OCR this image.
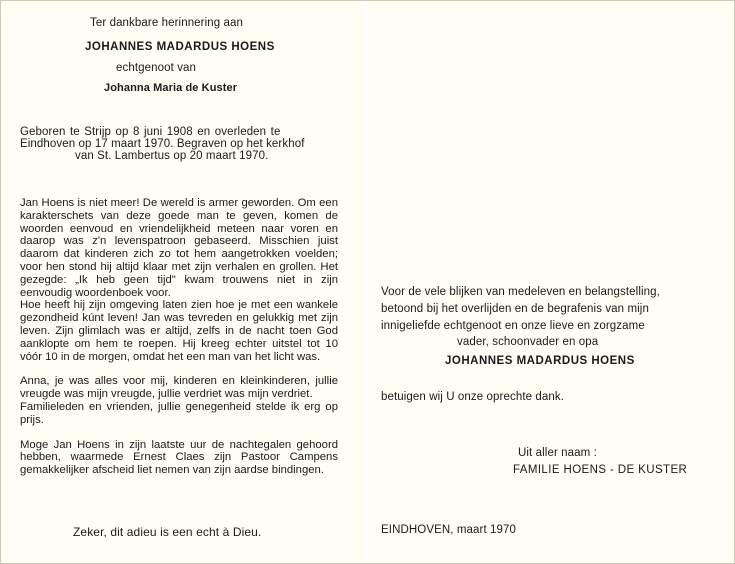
Ter dankbare herinnering aan
JOHANNES MADARDUS HOENS
echtgenoot van
Johanna Maria de Kuster
Geboren te Strijp op 8 juni 1908 en overleden te
Eindhoven op 17 maart 1970. Begraven op het kerkhof
van St. Lambertus op 20 maart 1970.

Jan Hoens is niet meer! De wereld is armer geworden. Om een karakterschets van deze goede man te geven, komen de woorden eenvoud en vriendelijkheid meteen naar voren en daarop was z'n levenspatroon gebaseerd. Misschien juist daarom dat kinderen zich zo tot hem aangetrokken voelden; voor hen stond hij altijd klaar met zijn verhalen en grollen. Het gezegde: „Ik heb geen tijd" kwam trouwens niet in zijn eenvoudig woordenboek voor.

Hoe heeft hij zijn omgeving laten zien hoe je met een wankele gezondheid kúnt leven! Jan was tevreden en gelukkig met zijn leven. Zijn glimlach was er altijd, zelfs in de nacht toen God aanklopte om hem te roepen. Hij kreeg echter uitstel tot 10 vóór 10 in de morgen, omdat het een man van het licht was.

Anna, je was alles voor mij, kinderen en kleinkinderen, jullie vreugde was mijn vreugde, jullie verdriet was mijn verdriet.

Familieleden en vrienden, jullie genegenheid stelde ik erg op prijs.

Moge Jan Hoens in zijn laatste uur de nachtegalen gehoord hebben, waarmede Ernest Claes zijn Pastoor Campens gemakkelijker afscheid liet nemen van zijn aardse bindingen.

Zeker, dit adieu is een echt à Dieu.
Voor de vele blijken van medeleven en belangstelling,
betoond bij het overlijden en de begrafenis van mijn
innigeliefde echtgenoot en onze lieve en zorgzame
vader, schoonvader en opa
JOHANNES MADARDUS HOENS
betuigen wij U onze oprechte dank.
Uit aller naam :
FAMILIE HOENS - DE KUSTER
EINDHOVEN, maart 1970
